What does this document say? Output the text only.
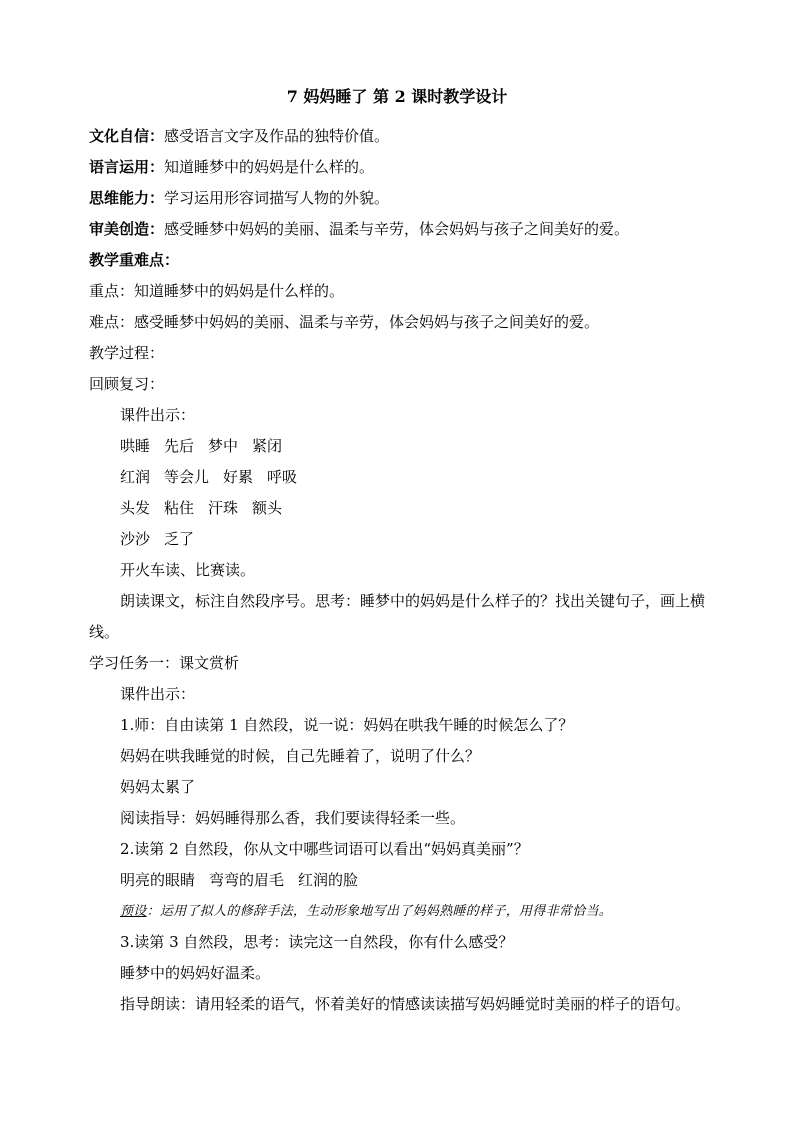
7 妈妈睡了 第 2 课时教学设计
文化自信：感受语言文字及作品的独特价值。
语言运用：知道睡梦中的妈妈是什么样的。
思维能力：学习运用形容词描写人物的外貌。
审美创造：感受睡梦中妈妈的美丽、温柔与辛劳，体会妈妈与孩子之间美好的爱。
教学重难点：
重点：知道睡梦中的妈妈是什么样的。
难点：感受睡梦中妈妈的美丽、温柔与辛劳，体会妈妈与孩子之间美好的爱。
教学过程：
回顾复习：
课件出示：
哄睡 先后 梦中 紧闭
红润 等会儿 好累 呼吸
头发 粘住 汗珠 额头
沙沙 乏了
开火车读、比赛读。
朗读课文，标注自然段序号。思考：睡梦中的妈妈是什么样子的？找出关键句子，画上横线。
学习任务一：课文赏析
课件出示：
1.师：自由读第 1 自然段，说一说：妈妈在哄我午睡的时候怎么了？
妈妈在哄我睡觉的时候，自己先睡着了，说明了什么？
妈妈太累了
阅读指导：妈妈睡得那么香，我们要读得轻柔一些。
2.读第 2 自然段，你从文中哪些词语可以看出“妈妈真美丽”？
明亮的眼睛 弯弯的眉毛 红润的脸
预设：运用了拟人的修辞手法，生动形象地写出了妈妈熟睡的样子，用得非常恰当。
3.读第 3 自然段，思考：读完这一自然段，你有什么感受？
睡梦中的妈妈好温柔。
指导朗读：请用轻柔的语气，怀着美好的情感读读描写妈妈睡觉时美丽的样子的语句。
